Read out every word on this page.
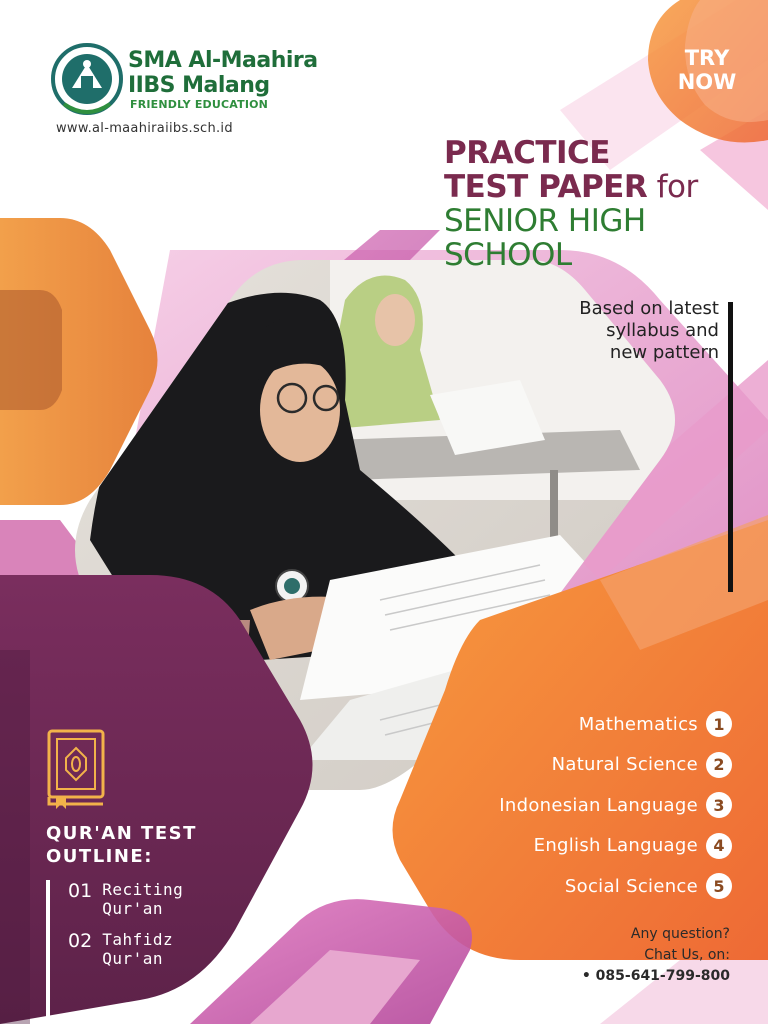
SMA Al-Maahira
IIBS Malang
FRIENDLY EDUCATION
www.al-maahiraiibs.sch.id
TRY
NOW
PRACTICE
TEST PAPER for
SENIOR HIGH
SCHOOL
Based on latest
syllabus and
new pattern
Mathematics 1
Natural Science 2
Indonesian Language 3
English Language 4
Social Science 5
Any question?
Chat Us, on:
• 085-641-799-800
QUR'AN TEST
OUTLINE:
01 Reciting
Qur'an
02 Tahfidz
Qur'an
